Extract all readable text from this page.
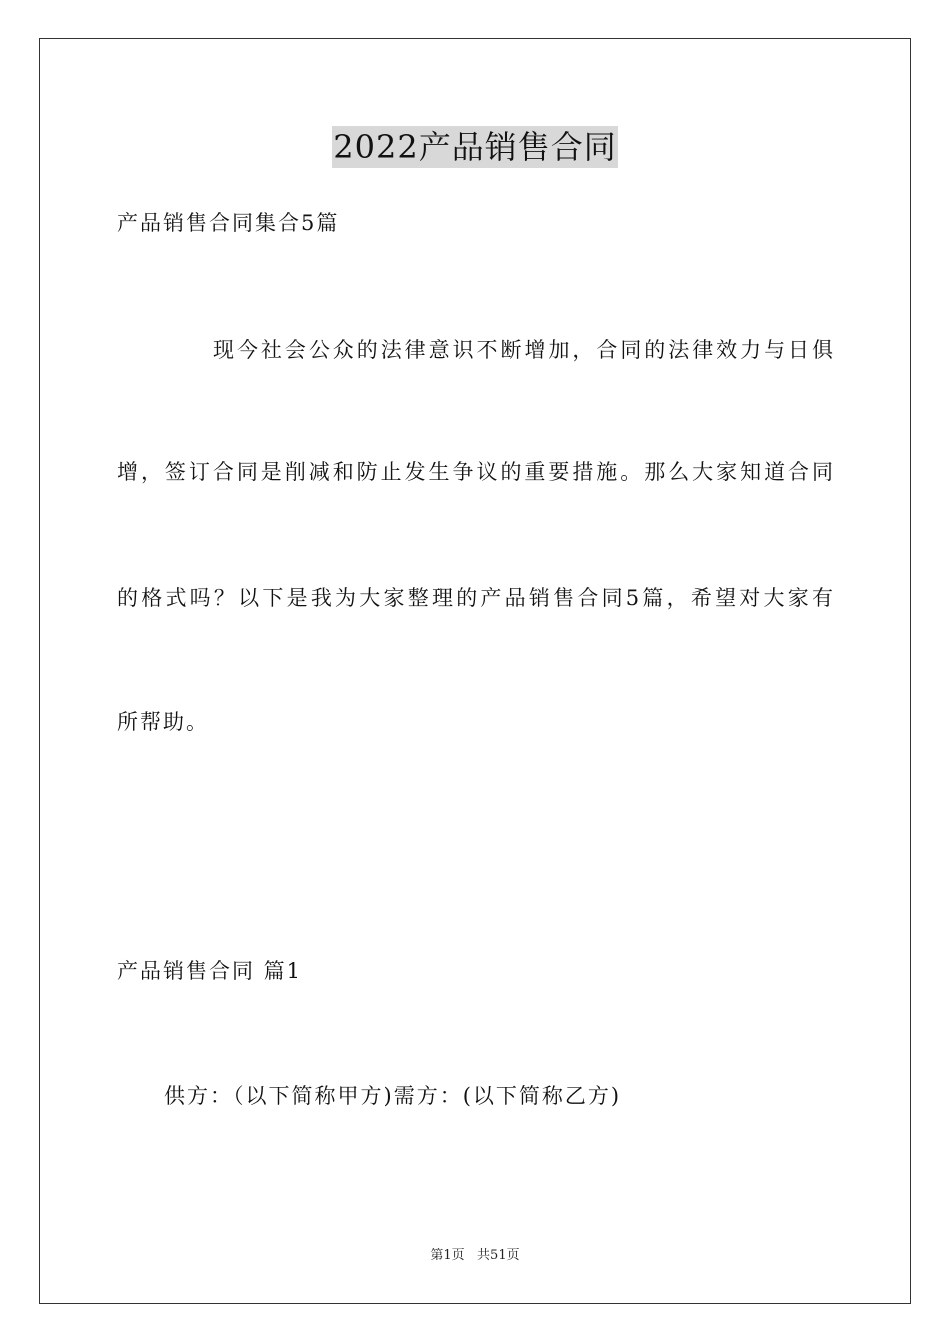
2022产品销售合同
产品销售合同集合5篇
现今社会公众的法律意识不断增加，合同的法律效力与日俱
增，签订合同是削减和防止发生争议的重要措施。那么大家知道合同
的格式吗？以下是我为大家整理的产品销售合同5篇，希望对大家有
所帮助。
产品销售合同 篇1
供方：（以下简称甲方)需方：(以下简称乙方)
第1页   共51页
